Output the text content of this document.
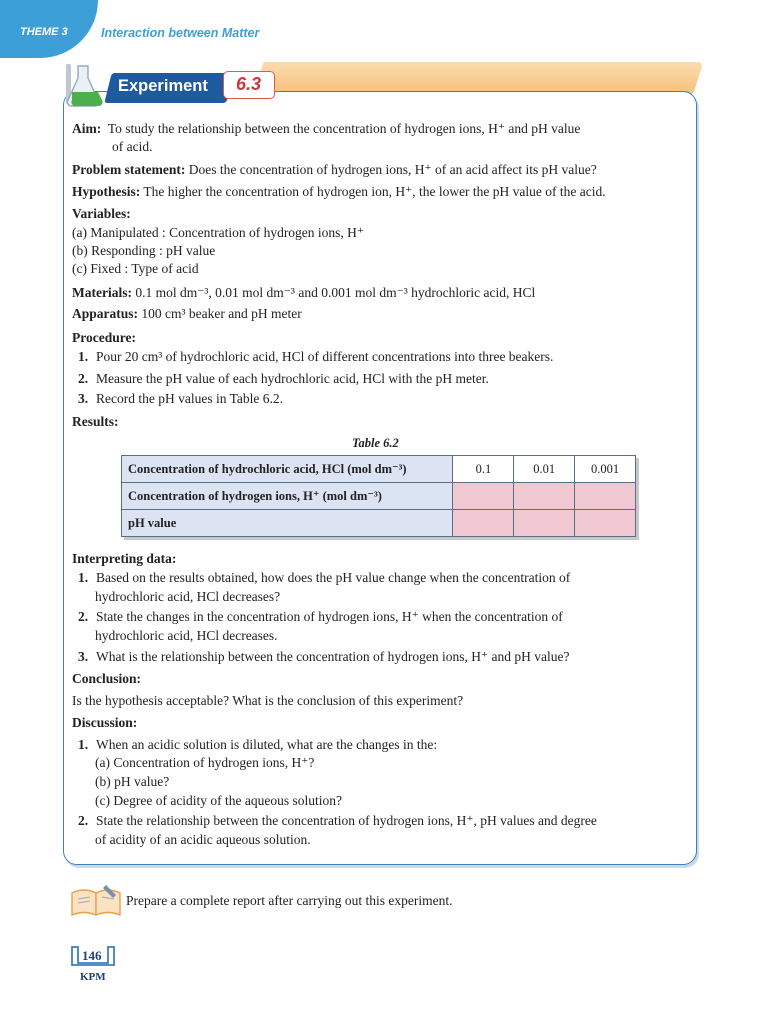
THEME 3	Interaction between Matter
Experiment 6.3
Aim: To study the relationship between the concentration of hydrogen ions, H⁺ and pH value
of acid.
Problem statement: Does the concentration of hydrogen ions, H⁺ of an acid affect its pH value?
Hypothesis: The higher the concentration of hydrogen ion, H⁺, the lower the pH value of the acid.
Variables:
(a) Manipulated : Concentration of hydrogen ions, H⁺
(b) Responding : pH value
(c) Fixed : Type of acid
Materials: 0.1 mol dm⁻³, 0.01 mol dm⁻³ and 0.001 mol dm⁻³ hydrochloric acid, HCl
Apparatus: 100 cm³ beaker and pH meter
Procedure:
1. Pour 20 cm³ of hydrochloric acid, HCl of different concentrations into three beakers.
2. Measure the pH value of each hydrochloric acid, HCl with the pH meter.
3. Record the pH values in Table 6.2.
Results:
Table 6.2
Concentration of hydrochloric acid, HCl (mol dm⁻³)	0.1	0.01	0.001
Concentration of hydrogen ions, H⁺ (mol dm⁻³)			
pH value			
Interpreting data:
1. Based on the results obtained, how does the pH value change when the concentration of
hydrochloric acid, HCl decreases?
2. State the changes in the concentration of hydrogen ions, H⁺ when the concentration of
hydrochloric acid, HCl decreases.
3. What is the relationship between the concentration of hydrogen ions, H⁺ and pH value?
Conclusion:
Is the hypothesis acceptable? What is the conclusion of this experiment?
Discussion:
1. When an acidic solution is diluted, what are the changes in the:
(a) Concentration of hydrogen ions, H⁺?
(b) pH value?
(c) Degree of acidity of the aqueous solution?
2. State the relationship between the concentration of hydrogen ions, H⁺, pH values and degree
of acidity of an acidic aqueous solution.
Prepare a complete report after carrying out this experiment.
146
KPM
